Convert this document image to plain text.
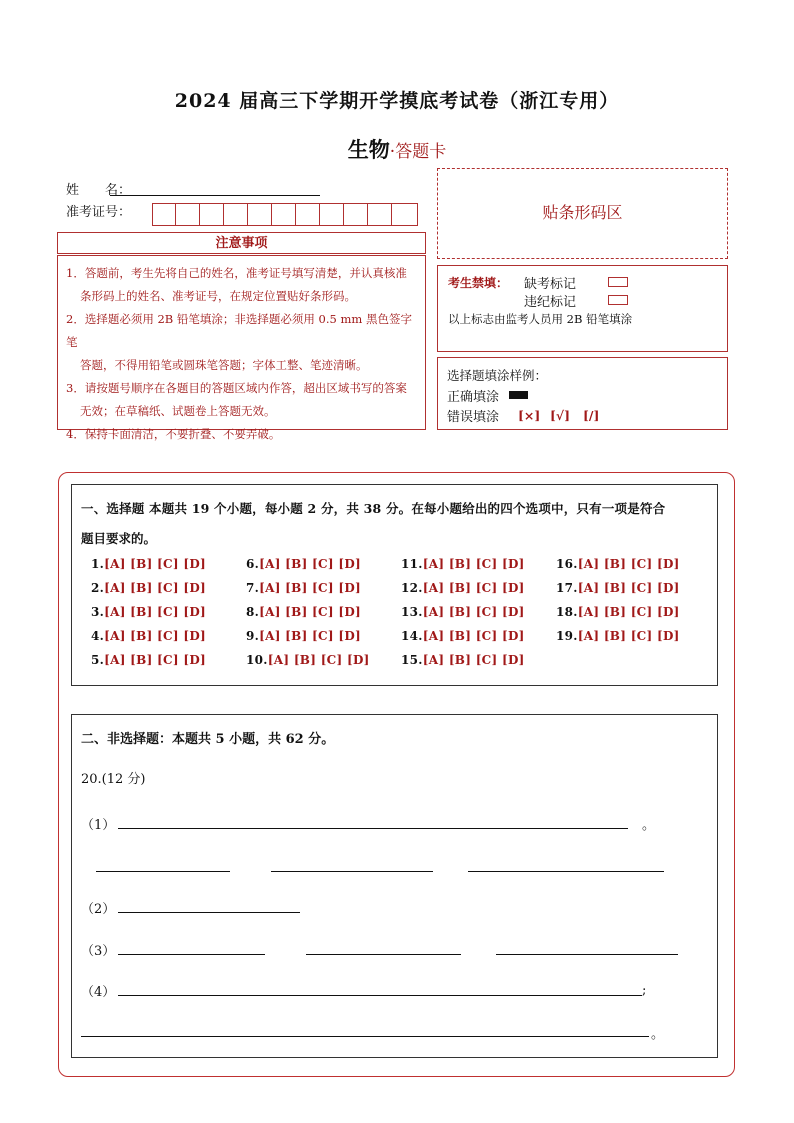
2024 届高三下学期开学摸底考试卷（浙江专用）
生物·答题卡
姓　　名：
准考证号：
注意事项

1．答题前，考生先将自己的姓名，准考证号填写清楚，并认真核准

条形码上的姓名、准考证号，在规定位置贴好条形码。

2．选择题必须用 2B 铅笔填涂；非选择题必须用 0.5 mm 黑色签字笔

答题，不得用铅笔或圆珠笔答题；字体工整、笔迹清晰。

3．请按题号顺序在各题目的答题区域内作答，超出区域书写的答案

无效；在草稿纸、试题卷上答题无效。

4．保持卡面清洁，不要折叠、不要弄破。

贴条形码区
考生禁填： 缺考标记
违纪标记
以上标志由监考人员用 2B 铅笔填涂
选择题填涂样例：
正确填涂
错误填涂 [×] [√] [/]
一、选择题 本题共 19 个小题，每小题 2 分，共 38 分。在每小题给出的四个选项中，只有一项是符合
题目要求的。
1.[A] [B] [C] [D]
2.[A] [B] [C] [D]
3.[A] [B] [C] [D]
4.[A] [B] [C] [D]
5.[A] [B] [C] [D]
6.[A] [B] [C] [D]
7.[A] [B] [C] [D]
8.[A] [B] [C] [D]
9.[A] [B] [C] [D]
10.[A] [B] [C] [D]
11.[A] [B] [C] [D]
12.[A] [B] [C] [D]
13.[A] [B] [C] [D]
14.[A] [B] [C] [D]
15.[A] [B] [C] [D]
16.[A] [B] [C] [D]
17.[A] [B] [C] [D]
18.[A] [B] [C] [D]
19.[A] [B] [C] [D]
二、非选择题：本题共 5 小题，共 62 分。
20.(12 分)
（1）	。
（2）
（3）
（4）	;
。
